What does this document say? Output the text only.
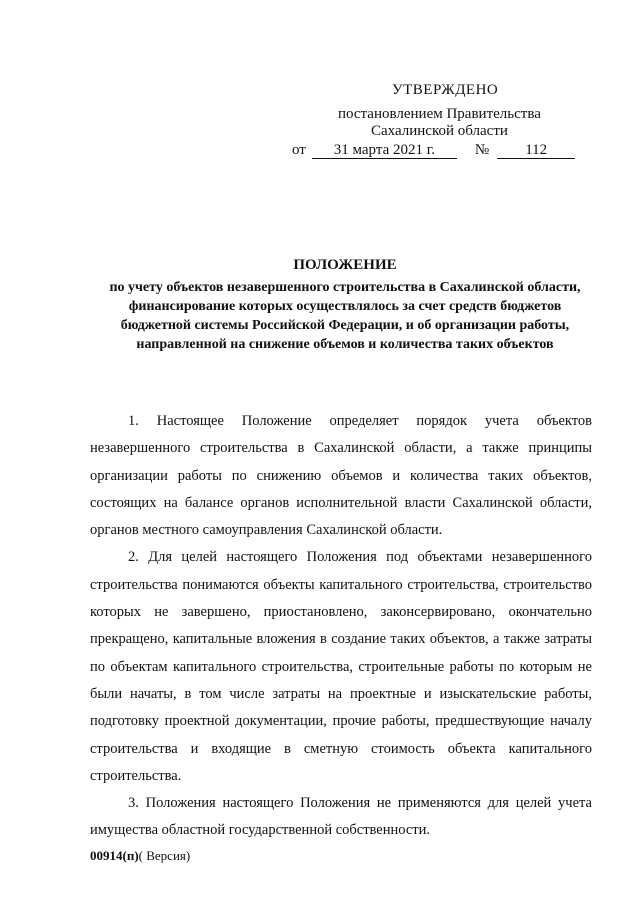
УТВЕРЖДЕНО
постановлением Правительства
Сахалинской области
от 31 марта 2021 г.	№ 112
ПОЛОЖЕНИЕ
по учету объектов незавершенного строительства в Сахалинской области, финансирование которых осуществлялось за счет средств бюджетов бюджетной системы Российской Федерации, и об организации работы, направленной на снижение объемов и количества таких объектов

1. Настоящее Положение определяет порядок учета объектов незавершенного строительства в Сахалинской области, а также принципы организации работы по снижению объемов и количества таких объектов, состоящих на балансе органов исполнительной власти Сахалинской области, органов местного самоуправления Сахалинской области.

2. Для целей настоящего Положения под объектами незавершенного строительства понимаются объекты капитального строительства, строительство которых не завершено, приостановлено, законсервировано, окончательно прекращено, капитальные вложения в создание таких объектов, а также затраты по объектам капитального строительства, строительные работы по которым не были начаты, в том числе затраты на проектные и изыскательские работы, подготовку проектной документации, прочие работы, предшествующие началу строительства и входящие в сметную стоимость объекта капитального строительства.

3. Положения настоящего Положения не применяются для целей учета имущества областной государственной собственности.

00914(п)( Версия)
